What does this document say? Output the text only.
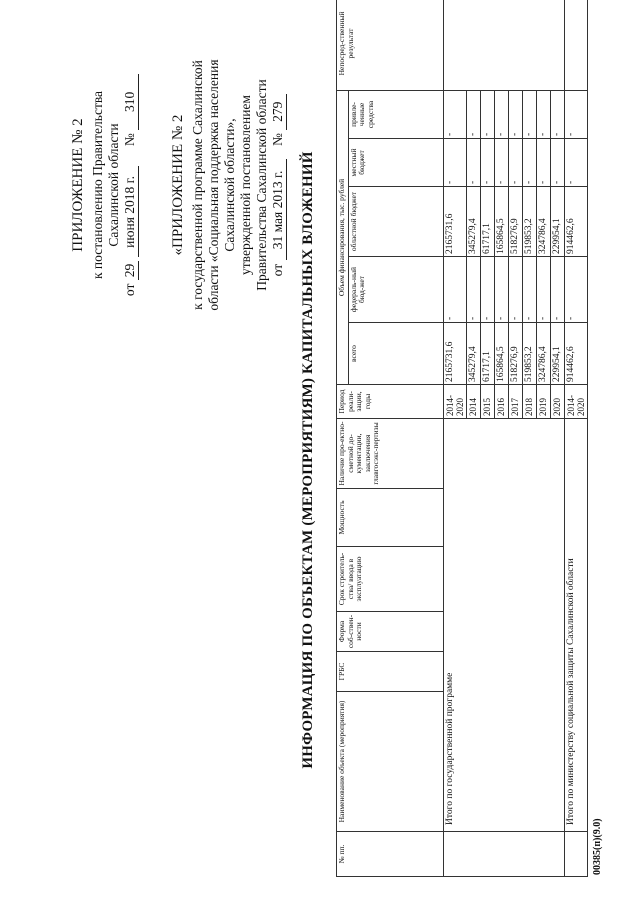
ПРИЛОЖЕНИЕ № 2 к постановлению Правительства Сахалинской области
от 29 июня 2018 г.      № 310
«ПРИЛОЖЕНИЕ № 2 к государственной программе Сахалинской области «Социальная поддержка населения Сахалинской области», утвержденной постановлением Правительства Сахалинской области от 31 мая 2013 г.    № 279
ИНФОРМАЦИЯ ПО ОБЪЕКТАМ (МЕРОПРИЯТИЯМ) КАПИТАЛЬНЫХ ВЛОЖЕНИЙ
№ пп.	Наименование объекта (мероприятия)	ГРБС	Форма соб-ствен-ности	Срок строитель-ства/ ввода в эксплуатацию	Мощность	Наличие про-ектно-сметной до-кументации, заключения главгосэкс-пертизы	Период реали-зации, годы	Объем финансирования, тыс. рублей					Непосред-ственный результат
								всего	федераль-ный бюд-жет	областной бюджет	местный бюджет	привле-ченные средства	
	Итого по государственной программе						2014-2020	2165731,6	-	2165731,6	-	-	
							2014	345279,4	-	345279,4	-	-	
							2015	61717,1	-	61717,1	-	-	
							2016	165864,5	-	165864,5	-	-	
							2017	518276,9	-	518276,9	-	-	
							2018	519853,2	-	519853,2	-	-	
							2019	324786,4	-	324786,4	-	-	
							2020	229954,1	-	229954,1	-	-	
	Итого по министерству социальной защиты Сахалинской области						2014-2020	914462,6	-	914462,6	-	-	
00385(п)(9.0)
